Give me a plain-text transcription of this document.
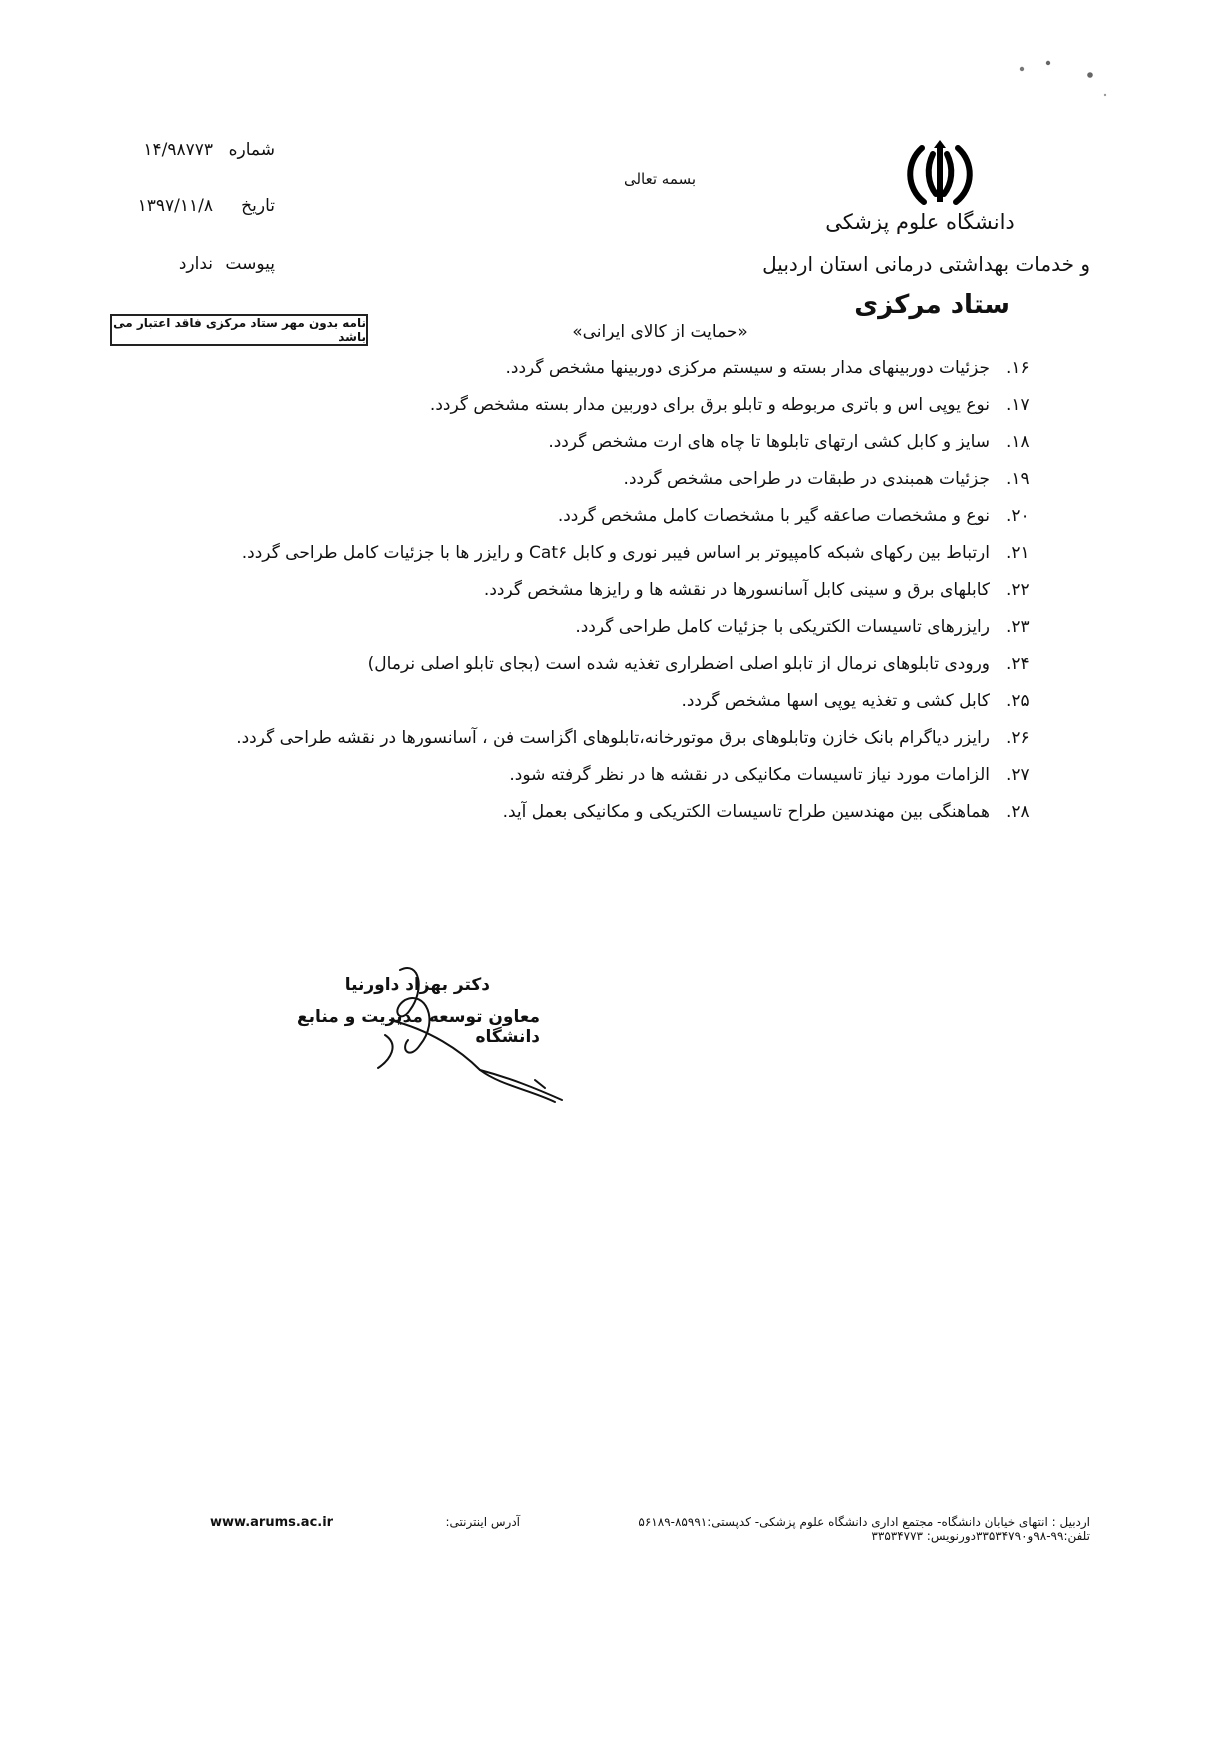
دانشگاه علوم پزشکی
و خدمات بهداشتی درمانی استان اردبیل
ستاد مرکزی
بسمه تعالی
شماره
۱۴/۹۸۷۷۳
تاریخ
۱۳۹۷/۱۱/۸
پیوست
ندارد
نامه بدون مهر ستاد مرکزی فاقد اعتبار می باشد	«حمایت از کالای ایرانی»
۱۶.جزئیات دوربینهای مدار بسته و سیستم مرکزی دوربینها مشخص گردد.
۱۷.نوع یوپی اس و باتری مربوطه و تابلو برق برای دوربین مدار بسته مشخص گردد.
۱۸.سایز و کابل کشی ارتهای تابلوها تا چاه های ارت مشخص گردد.
۱۹.جزئیات همبندی در طبقات در طراحی مشخص گردد.
۲۰.نوع و مشخصات صاعقه گیر با مشخصات کامل مشخص گردد.
۲۱.ارتباط بین رکهای شبکه کامپیوتر بر اساس فیبر نوری و کابل Cat۶ و رایزر ها با جزئیات کامل طراحی گردد.
۲۲.کابلهای برق و سینی کابل آسانسورها در نقشه ها و رایزها مشخص گردد.
۲۳.رایزرهای تاسیسات الکتریکی با جزئیات کامل طراحی گردد.
۲۴.ورودی تابلوهای نرمال از تابلو اصلی اضطراری تغذیه شده است (بجای تابلو اصلی نرمال)
۲۵.کابل کشی و تغذیه یوپی اسها مشخص گردد.
۲۶.رایزر دیاگرام بانک خازن وتابلوهای برق موتورخانه،تابلوهای اگزاست فن ، آسانسورها در نقشه طراحی گردد.
۲۷.الزامات مورد نیاز تاسیسات مکانیکی در نقشه ها در نظر گرفته شود.
۲۸.هماهنگی بین مهندسین طراح تاسیسات الکتریکی و مکانیکی بعمل آید.
دکتر بهزاد داورنیا
معاون توسعه مدیریت و منابع دانشگاه
اردبیل : انتهای خیابان دانشگاه- مجتمع اداری دانشگاه علوم پزشکی- کدپستی:۸۵۹۹۱-۵۶۱۸۹ تلفن:۹۹-۹۸و۳۳۵۳۴۷۹۰دورنویس: ۳۳۵۳۴۷۷۳
آدرس اینترنتی:
www.arums.ac.ir
